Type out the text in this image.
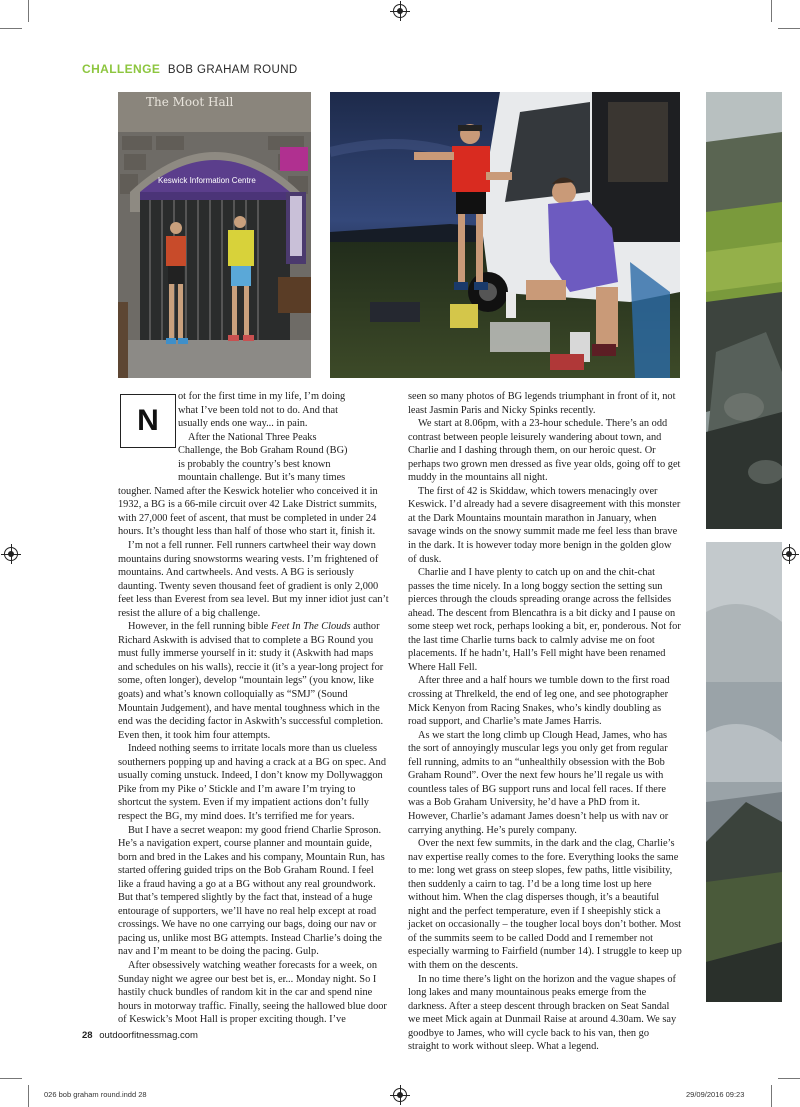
CHALLENGE BOB GRAHAM ROUND
The Moot Hall
Keswick Information Centre
N
ot for the first time in my life, I’m doing
what I’ve been told not to do. And that
usually ends one way... in pain.
After the National Three Peaks
Challenge, the Bob Graham Round (BG)
is probably the country’s best known
mountain challenge. But it’s many times

tougher. Named after the Keswick hotelier who conceived it in 1932, a BG is a 66-mile circuit over 42 Lake District summits, with 27,000 feet of ascent, that must be completed in under 24 hours. It’s thought less than half of those who start it, finish it.

I’m not a fell runner. Fell runners cartwheel their way down mountains during snowstorms wearing vests. I’m frightened of mountains. And cartwheels. And vests. A BG is seriously daunting. Twenty seven thousand feet of gradient is only 2,000 feet less than Everest from sea level. But my inner idiot just can’t resist the allure of a big challenge.

However, in the fell running bible Feet In The Clouds author Richard Askwith is advised that to complete a BG Round you must fully immerse yourself in it: study it (Askwith had maps and schedules on his walls), reccie it (it’s a year-long project for some, often longer), develop “mountain legs” (you know, like goats) and what’s known colloquially as “SMJ” (Sound Mountain Judgement), and have mental toughness which in the end was the deciding factor in Askwith’s successful completion. Even then, it took him four attempts.

Indeed nothing seems to irritate locals more than us clueless southerners popping up and having a crack at a BG on spec. And usually coming unstuck. Indeed, I don’t know my Dollywaggon Pike from my Pike o’ Stickle and I’m aware I’m trying to shortcut the system. Even if my impatient actions don’t fully respect the BG, my mind does. It’s terrified me for years.

But I have a secret weapon: my good friend Charlie Sproson. He’s a navigation expert, course planner and mountain guide, born and bred in the Lakes and his company, Mountain Run, has started offering guided trips on the Bob Graham Round. I feel like a fraud having a go at a BG without any real groundwork. But that’s tempered slightly by the fact that, instead of a huge entourage of supporters, we’ll have no real help except at road crossings. We have no one carrying our bags, doing our nav or pacing us, unlike most BG attempts. Instead Charlie’s doing the nav and I’m meant to be doing the pacing. Gulp.

After obsessively watching weather forecasts for a week, on Sunday night we agree our best bet is, er... Monday night. So I hastily chuck bundles of random kit in the car and spend nine hours in motorway traffic. Finally, seeing the hallowed blue door of Keswick’s Moot Hall is proper exciting though. I’ve

seen so many photos of BG legends triumphant in front of it, not least Jasmin Paris and Nicky Spinks recently.

We start at 8.06pm, with a 23-hour schedule. There’s an odd contrast between people leisurely wandering about town, and Charlie and I dashing through them, on our heroic quest. Or perhaps two grown men dressed as five year olds, going off to get muddy in the mountains all night.

The first of 42 is Skiddaw, which towers menacingly over Keswick. I’d already had a severe disagreement with this monster at the Dark Mountains mountain marathon in January, when savage winds on the snowy summit made me feel less than brave in the dark. It is however today more benign in the golden glow of dusk.

Charlie and I have plenty to catch up on and the chit-chat passes the time nicely. In a long boggy section the setting sun pierces through the clouds spreading orange across the fellsides ahead. The descent from Blencathra is a bit dicky and I pause on some steep wet rock, perhaps looking a bit, er, ponderous. Not for the last time Charlie turns back to calmly advise me on foot placements. If he hadn’t, Hall’s Fell might have been renamed Where Hall Fell.

After three and a half hours we tumble down to the first road crossing at Threlkeld, the end of leg one, and see photographer Mick Kenyon from Racing Snakes, who’s kindly doubling as road support, and Charlie’s mate James Harris.

As we start the long climb up Clough Head, James, who has the sort of annoyingly muscular legs you only get from regular fell running, admits to an “unhealthily obsession with the Bob Graham Round”. Over the next few hours he’ll regale us with countless tales of BG support runs and local fell races. If there was a Bob Graham University, he’d have a PhD from it. However, Charlie’s adamant James doesn’t help us with nav or carrying anything. He’s purely company.

Over the next few summits, in the dark and the clag, Charlie’s nav expertise really comes to the fore. Everything looks the same to me: long wet grass on steep slopes, few paths, little visibility, then suddenly a cairn to tag. I’d be a long time lost up here without him. When the clag disperses though, it’s a beautiful night and the perfect temperature, even if I sheepishly stick a jacket on occasionally – the tougher local boys don’t bother. Most of the summits seem to be called Dodd and I remember not especially warming to Fairfield (number 14). I struggle to keep up with them on the descents.

In no time there’s light on the horizon and the vague shapes of long lakes and many mountainous peaks emerge from the darkness. After a steep descent through bracken on Seat Sandal we meet Mick again at Dunmail Raise at around 4.30am. We say goodbye to James, who will cycle back to his van, then go straight to work without sleep. What a legend.

28 outdoorfitnessmag.com
026 bob graham round.indd 28	29/09/2016 09:23
